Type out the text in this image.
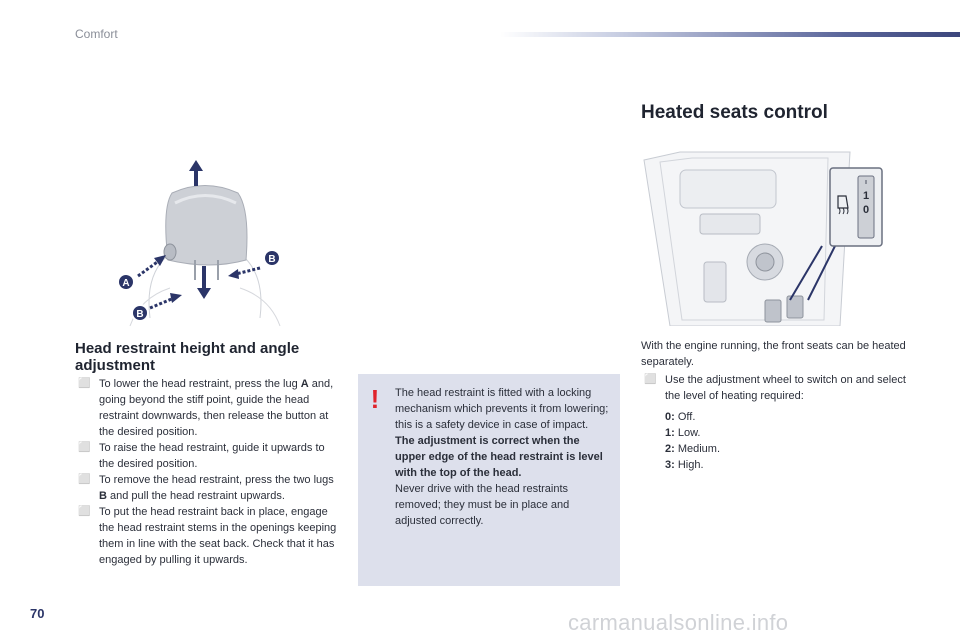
Comfort
A
B
B
1
0
Head restraint height and angle adjustment
⬜ To lower the head restraint, press the lug A and, going beyond the stiff point, guide the head restraint downwards, then release the button at the desired position.
⬜ To raise the head restraint, guide it upwards to the desired position.
⬜ To remove the head restraint, press the two lugs B and pull the head restraint upwards.
⬜ To put the head restraint back in place, engage the head restraint stems in the openings keeping them in line with the seat back. Check that it has engaged by pulling it upwards.
! The head restraint is fitted with a locking mechanism which prevents it from lowering; this is a safety device in case of impact.

The adjustment is correct when the upper edge of the head restraint is level with the top of the head.

Never drive with the head restraints removed; they must be in place and adjusted correctly.

Heated seats control

With the engine running, the front seats can be heated separately.

⬜ Use the adjustment wheel to switch on and select the level of heating required:
0: Off.
1: Low.
2: Medium.
3: High.
70	carmanualsonline.info
